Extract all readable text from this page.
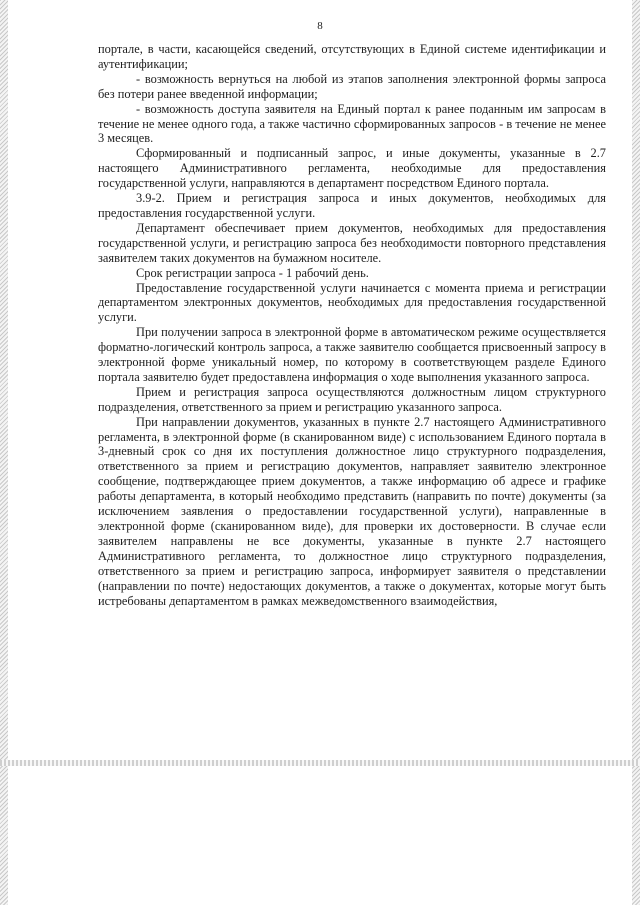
8

портале, в части, касающейся сведений, отсутствующих в Единой системе идентификации и аутентификации;

- возможность вернуться на любой из этапов заполнения электронной формы запроса без потери ранее введенной информации;

- возможность доступа заявителя на Единый портал к ранее поданным им запросам в течение не менее одного года, а также частично сформированных запросов - в течение не менее 3 месяцев.

Сформированный и подписанный запрос, и иные документы, указанные в 2.7 настоящего Административного регламента, необходимые для предоставления государственной услуги, направляются в департамент посредством Единого портала.

3.9-2. Прием и регистрация запроса и иных документов, необходимых для предоставления государственной услуги.

Департамент обеспечивает прием документов, необходимых для предоставления государственной услуги, и регистрацию запроса без необходимости повторного представления заявителем таких документов на бумажном носителе.

Срок регистрации запроса - 1 рабочий день.

Предоставление государственной услуги начинается с момента приема и регистрации департаментом электронных документов, необходимых для предоставления государственной услуги.

При получении запроса в электронной форме в автоматическом режиме осуществляется форматно-логический контроль запроса, а также заявителю сообщается присвоенный запросу в электронной форме уникальный номер, по которому в соответствующем разделе Единого портала заявителю будет предоставлена информация о ходе выполнения указанного запроса.

Прием и регистрация запроса осуществляются должностным лицом структурного подразделения, ответственного за прием и регистрацию указанного запроса.

При направлении документов, указанных в пункте 2.7 настоящего Административного регламента, в электронной форме (в сканированном виде) с использованием Единого портала в 3-дневный срок со дня их поступления должностное лицо структурного подразделения, ответственного за прием и регистрацию документов, направляет заявителю электронное сообщение, подтверждающее прием документов, а также информацию об адресе и графике работы департамента, в который необходимо представить (направить по почте) документы (за исключением заявления о предоставлении государственной услуги), направленные в электронной форме (сканированном виде), для проверки их достоверности. В случае если заявителем направлены не все документы, указанные в пункте 2.7 настоящего Административного регламента, то должностное лицо структурного подразделения, ответственного за прием и регистрацию запроса, информирует заявителя о представлении (направлении по почте) недостающих документов, а также о документах, которые могут быть истребованы департаментом в рамках межведомственного взаимодействия,
